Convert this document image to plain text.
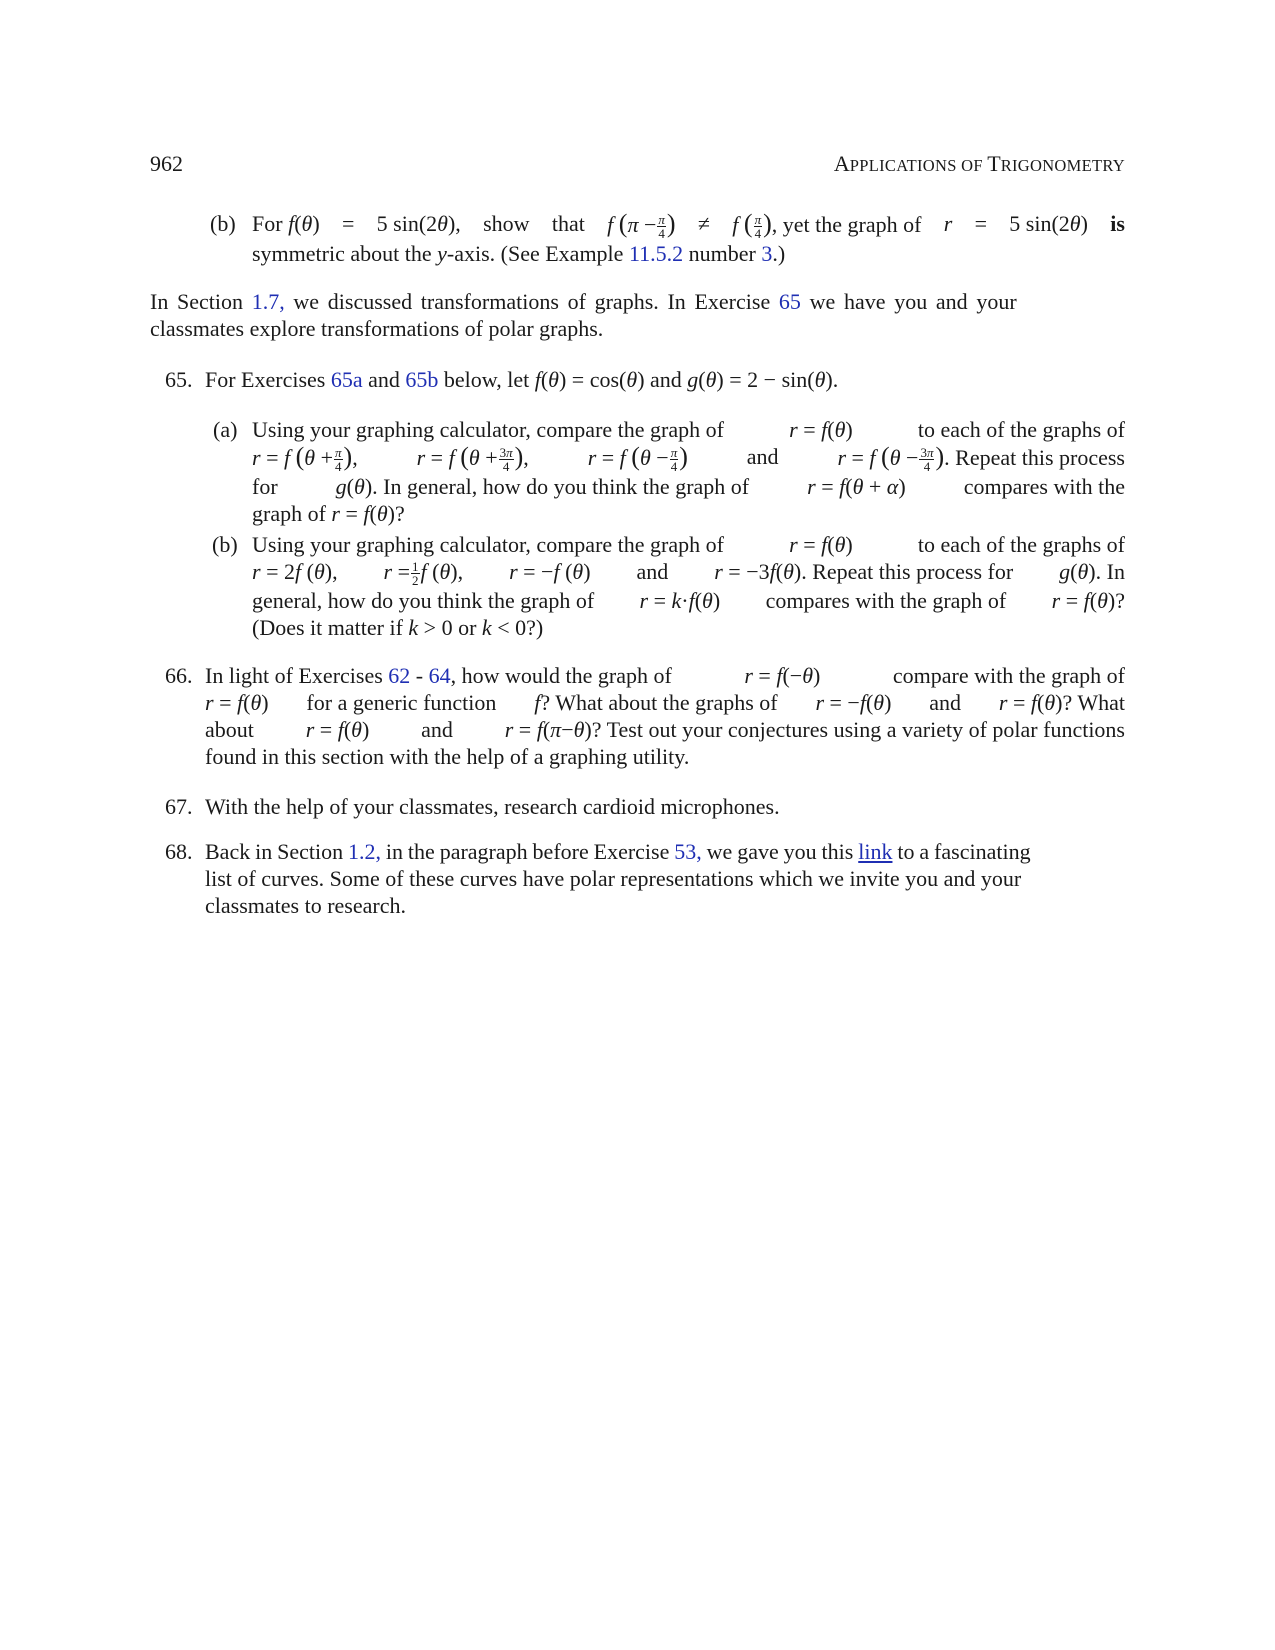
962	APPLICATIONS OF TRIGONOMETRY
(b) For f(θ) = 5 sin(2θ), show that f ($\pi - \frac{\pi}{4}$ ) ≠ f ( $\frac{\pi}{4}$ ), yet the graph of r = 5 sin(2θ) is
symmetric about the y-axis. (See Example 11.5.2 number 3.)
In Section 1.7, we discussed transformations of graphs. In Exercise 65 we have you and your
classmates explore transformations of polar graphs.
65. For Exercises 65a and 65b below, let f(θ) = cos(θ) and g(θ) = 2 − sin(θ).
(a) Using your graphing calculator, compare the graph of	r = f(θ)	to each of the graphs of
r = f ($\theta + \frac{\pi}{4}$ ),	r = f ($\theta + \frac{3\pi}{4}$ ),	r = f ($\theta - \frac{\pi}{4}$ )	and	r = f ($\theta - \frac{3\pi}{4}$ ). Repeat this process
for	g(θ). In general, how do you think the graph of	r = f(θ + α)	compares with the
graph of r = f(θ)?
(b) Using your graphing calculator, compare the graph of	r = f(θ)	to each of the graphs of
r = 2f (θ), $r = \frac{1}{2}$ f (θ), r = −f (θ) and r = −3f(θ). Repeat this process for g(θ). In
general, how do you think the graph of r = k·f(θ) compares with the graph of r = f(θ)?
(Does it matter if k > 0 or k < 0?)
66. In light of Exercises 62 - 64, how would the graph of	r = f(−θ)	compare with the graph of
r = f(θ) for a generic function f? What about the graphs of r = −f(θ) and r = f(θ)? What
about r = f(θ) and r = f(π−θ)? Test out your conjectures using a variety of polar functions
found in this section with the help of a graphing utility.
67. With the help of your classmates, research cardioid microphones.
68. Back in Section 1.2, in the paragraph before Exercise 53, we gave you this link to a fascinating
list of curves. Some of these curves have polar representations which we invite you and your
classmates to research.
